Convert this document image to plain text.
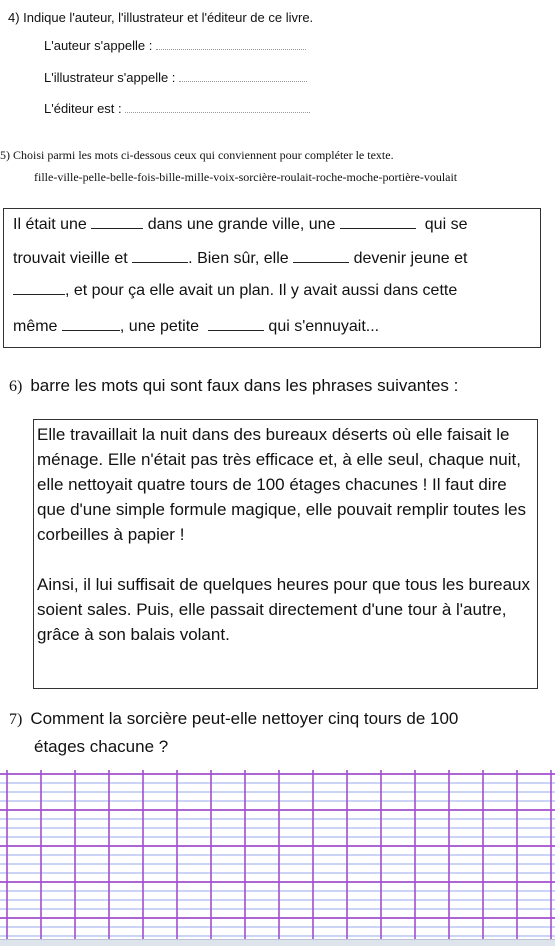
4) Indique l'auteur, l'illustrateur et l'éditeur de ce livre.
L'auteur s'appelle :
L'illustrateur s'appelle :
L'éditeur est :
5) Choisi parmi les mots ci-dessous ceux qui conviennent pour compléter le texte.
fille-ville-pelle-belle-fois-bille-mille-voix-sorcière-roulait-roche-moche-portière-voulait
Il était une	dans une grande ville, une	qui se
trouvait vieille et	. Bien sûr, elle	devenir jeune et
, et pour ça elle avait un plan. Il y avait aussi dans cette
même	, une petite	qui s'ennuyait...
6) barre les mots qui sont faux dans les phrases suivantes :

Elle travaillait la nuit dans des bureaux déserts où elle faisait le ménage. Elle n'était pas très efficace et, à elle seul, chaque nuit, elle nettoyait quatre tours de 100 étages chacunes ! Il faut dire que d'une simple formule magique, elle pouvait remplir toutes les corbeilles à papier !

Ainsi, il lui suffisait de quelques heures pour que tous les bureaux soient sales. Puis, elle passait directement d'une tour à l'autre, grâce à son balais volant.

7) Comment la sorcière peut-elle nettoyer cinq tours de 100
étages chacune ?
